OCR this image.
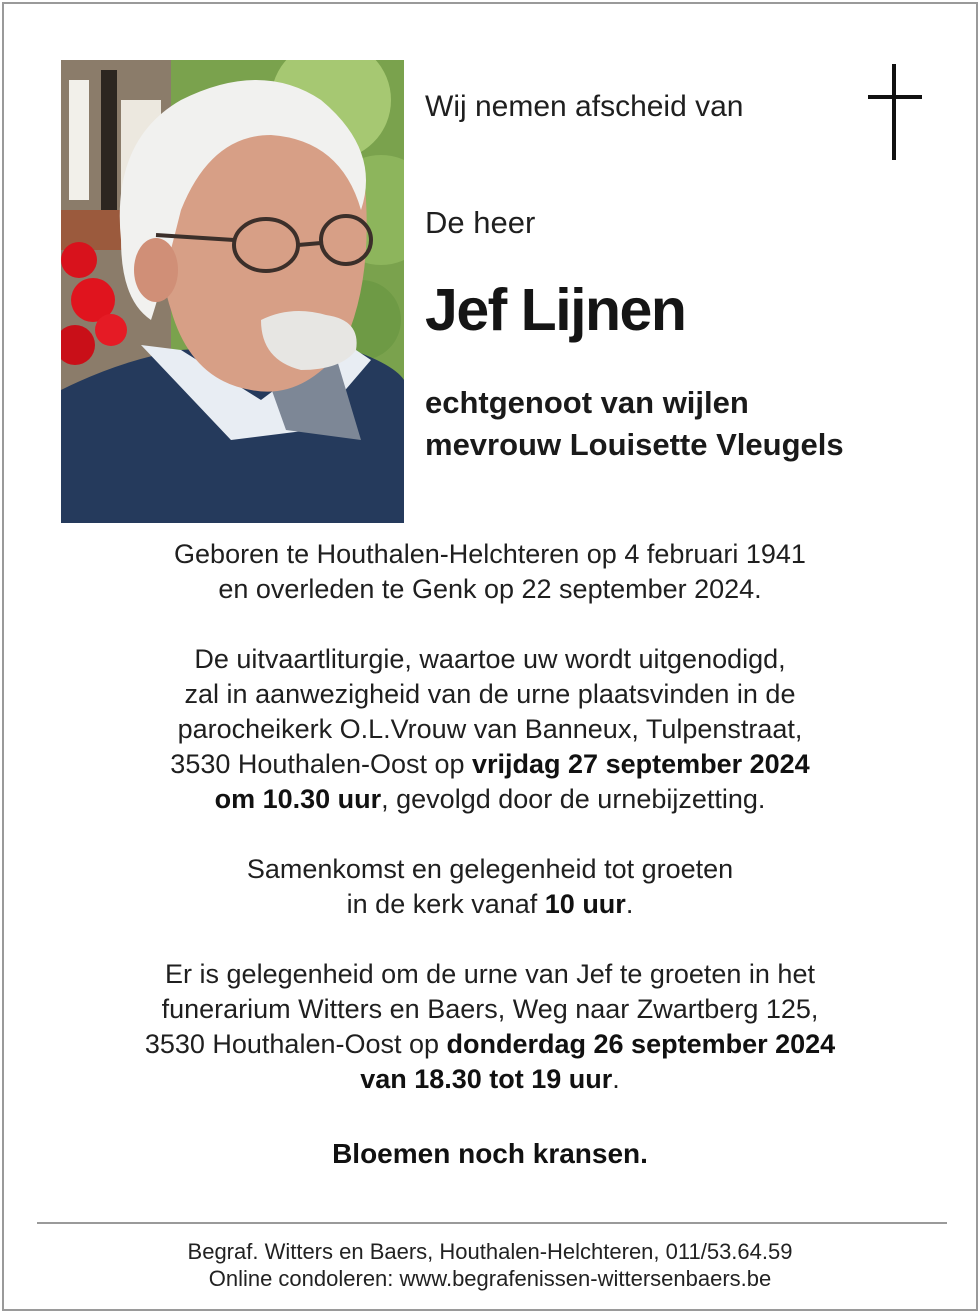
Wij nemen afscheid van
De heer
Jef Lijnen
echtgenoot van wijlen
mevrouw Louisette Vleugels
Geboren te Houthalen-Helchteren op 4 februari 1941
en overleden te Genk op 22 september 2024.
De uitvaartliturgie, waartoe uw wordt uitgenodigd,
zal in aanwezigheid van de urne plaatsvinden in de
parocheikerk O.L.Vrouw van Banneux, Tulpenstraat,
3530 Houthalen-Oost op vrijdag 27 september 2024
om 10.30 uur, gevolgd door de urnebijzetting.
Samenkomst en gelegenheid tot groeten
in de kerk vanaf 10 uur.
Er is gelegenheid om de urne van Jef te groeten in het
funerarium Witters en Baers, Weg naar Zwartberg 125,
3530 Houthalen-Oost op donderdag 26 september 2024
van 18.30 tot 19 uur.
Bloemen noch kransen.
Begraf. Witters en Baers, Houthalen-Helchteren, 011/53.64.59
Online condoleren: www.begrafenissen-wittersenbaers.be
